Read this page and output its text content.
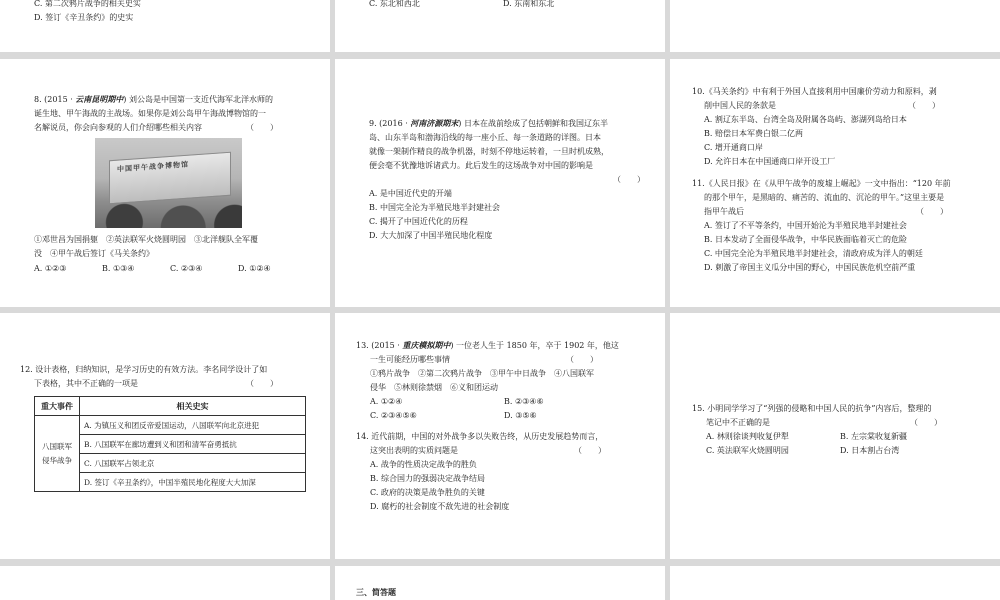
C. 第二次鸦片战争的相关史实
D. 签订《辛丑条约》的史实
C. 东北和西北	D. 东南和东北
8. (2015 · 云南昆明期中) 刘公岛是中国第一支近代海军北洋水师的
诞生地、甲午海战的主战场。如果你是刘公岛甲午海战博物馆的一
名解说员，你会向参观的人们介绍哪些相关内容　　　　　　（　　）
中国甲午战争博物馆
①邓世昌为国捐躯　②英法联军火烧圆明园　③北洋舰队全军覆
没　④甲午战后签订《马关条约》
A. ①②③	B. ①③④	C. ②③④	D. ①②④
9. (2016 · 河南济源期末) 日本在战前绘成了包括朝鲜和我国辽东半
岛、山东半岛和渤海沿线的每一座小丘、每一条道路的详图。日本
就像一架制作精良的战争机器，时刻不停地运转着，一旦时机成熟，
便会毫不犹豫地诉诸武力。此后发生的这场战争对中国的影响是
（　　）
A. 是中国近代史的开端
B. 中国完全沦为半殖民地半封建社会
C. 揭开了中国近代化的历程
D. 大大加深了中国半殖民地化程度
10.《马关条约》中有利于外国人直接利用中国廉价劳动力和原料，剥
削中国人民的条款是　　　　　　　　　　　　　　　　　（　　）
A. 割辽东半岛、台湾全岛及附属各岛屿、澎湖列岛给日本
B. 赔偿日本军费白银二亿两
C. 增开通商口岸
D. 允许日本在中国通商口岸开设工厂
11.《人民日报》在《从甲午战争的废墟上崛起》一文中指出：“120 年前
的那个甲午，是黑暗的、痛苦的、流血的、沉沦的甲午。”这里主要是
指甲午战后　　　　　　　　　　　　　　　　　　　　　　（　　）
A. 签订了不平等条约，中国开始沦为半殖民地半封建社会
B. 日本发动了全面侵华战争，中华民族面临着灭亡的危险
C. 中国完全沦为半殖民地半封建社会，清政府成为洋人的朝廷
D. 刺激了帝国主义瓜分中国的野心，中国民族危机空前严重
12. 设计表格，归纳知识，是学习历史的有效方法。李名同学设计了如
下表格，其中不正确的一项是　　　　　　　　　　　　　　（　　）
重大事件	相关史实
八国联军侵华战争	A. 为镇压义和团反帝爱国运动，八国联军向北京进犯
	B. 八国联军在廊坊遭到义和团和清军奋勇抵抗
	C. 八国联军占领北京
	D. 签订《辛丑条约》，中国半殖民地化程度大大加深
13. (2015 · 重庆模拟期中) 一位老人生于 1850 年，卒于 1902 年，他这
一生可能经历哪些事情　　　　　　　　　　　　　　　（　　）
①鸦片战争　②第二次鸦片战争　③甲午中日战争　④八国联军
侵华　⑤林则徐禁烟　⑥义和团运动
A. ①②④	B. ②③④⑥
C. ②③④⑤⑥	D. ③⑤⑥
14. 近代前期，中国的对外战争多以失败告终，从历史发展趋势而言，
这突出表明的实质问题是　　　　　　　　　　　　　　　（　　）
A. 战争的性质决定战争的胜负
B. 综合国力的强弱决定战争结局
C. 政府的决策是战争胜负的关键
D. 腐朽的社会制度不敌先进的社会制度
15. 小明同学学习了“列强的侵略和中国人民的抗争”内容后，整理的
笔记中不正确的是　　　　　　　　　　　　　　　　　　（　　）
A. 林则徐谈判收复伊犁	B. 左宗棠收复新疆
C. 英法联军火烧圆明园	D. 日本割占台湾
三、简答题
